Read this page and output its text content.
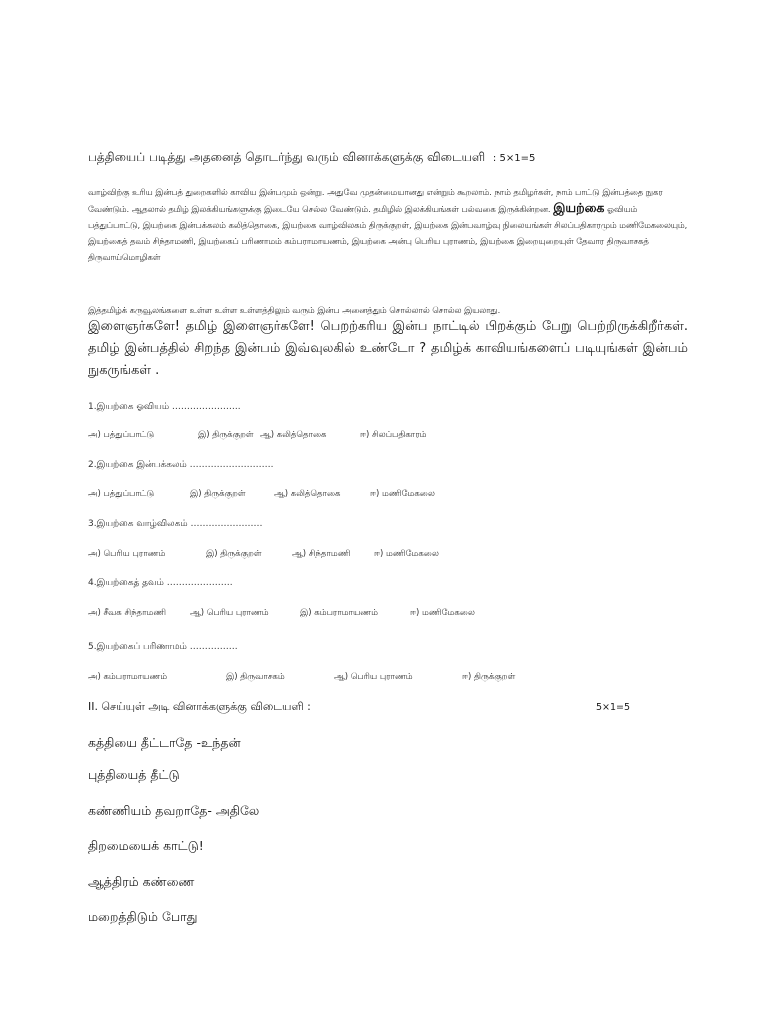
பத்தியைப் படித்து அதனைத் தொடர்ந்து வரும் வினாக்களுக்கு விடையளி : 5×1=5
வாழ்விற்கு உரிய இன்பத் துறைகளில் காவிய இன்பமும் ஒன்று. அதுவே முதன்மையானது என்றும் கூறலாம். நாம் தமிழர்கள், நாம் பாட்டு இன்பத்தை நுகர வேண்டும். ஆதலால் தமிழ் இலக்கியங்களுக்கு இடையே செல்ல வேண்டும். தமிழில் இலக்கியங்கள் பல்வகை இருக்கின்றன. இயற்கை ஓவியம் பத்துப்பாட்டு, இயற்கை இன்பக்கலம் கலித்தொகை, இயற்கை வாழ்விலகம் திருக்குறள், இயற்கை இன்பவாழ்வு நிலையங்கள் சிலப்பதிகாரமும் மணிமேகலையும், இயற்கைத் தவம் சிந்தாமணி, இயற்கைப் பரிணாமம் கம்பராமாயணம், இயற்கை அன்பு பெரிய புராணம், இயற்கை இறையுறையுள் தேவார திருவாசகத் திருவாய்மொழிகள்
இத்தமிழ்க் கருவூலங்களை உள்ள உள்ள உள்ளத்திலும் வரும் இன்ப அனைத்தும் சொல்லால் சொல்ல இயலாது.
இளைஞர்களே! தமிழ் இளைஞர்களே! பெறற்கரிய இன்ப நாட்டில் பிறக்கும் பேறு பெற்றிருக்கிறீர்கள். தமிழ் இன்பத்தில் சிறந்த இன்பம் இவ்வுலகில் உண்டோ ? தமிழ்க் காவியங்களைப் படியுங்கள் இன்பம் நுகருங்கள் .
1.இயற்கை ஓவியம் …………………..
அ) பத்துப்பாட்டு	இ) திருக்குறள் ஆ) கலித்தொகை	ஈ) சிலப்பதிகாரம்
2.இயற்கை இன்பக்கலம் ……………………….
அ) பத்துப்பாட்டு	இ) திருக்குறள்	ஆ) கலித்தொகை	ஈ) மணிமேகலை
3.இயற்கை வாழ்விலகம் ……………………
அ) பெரிய புராணம்	இ) திருக்குறள்	ஆ) சிந்தாமணி	ஈ) மணிமேகலை
4.இயற்கைத் தவம் ………………….
அ) சீவக சிந்தாமணி	ஆ) பெரிய புராணம்	இ) கம்பராமாயணம்	ஈ) மணிமேகலை
5.இயற்கைப் பரிணாமம் …………….
அ) கம்பராமாயணம்	இ) திருவாசகம்	ஆ) பெரிய புராணம்	ஈ) திருக்குறள்
II. செய்யுள் அடி வினாக்களுக்கு விடையளி :	5×1=5
கத்தியை தீட்டாதே -உந்தன்
புத்தியைத் தீட்டு
கண்ணியம் தவறாதே- அதிலே
திறமையைக் காட்டு!
ஆத்திரம் கண்ணை
மறைத்திடும் போது
